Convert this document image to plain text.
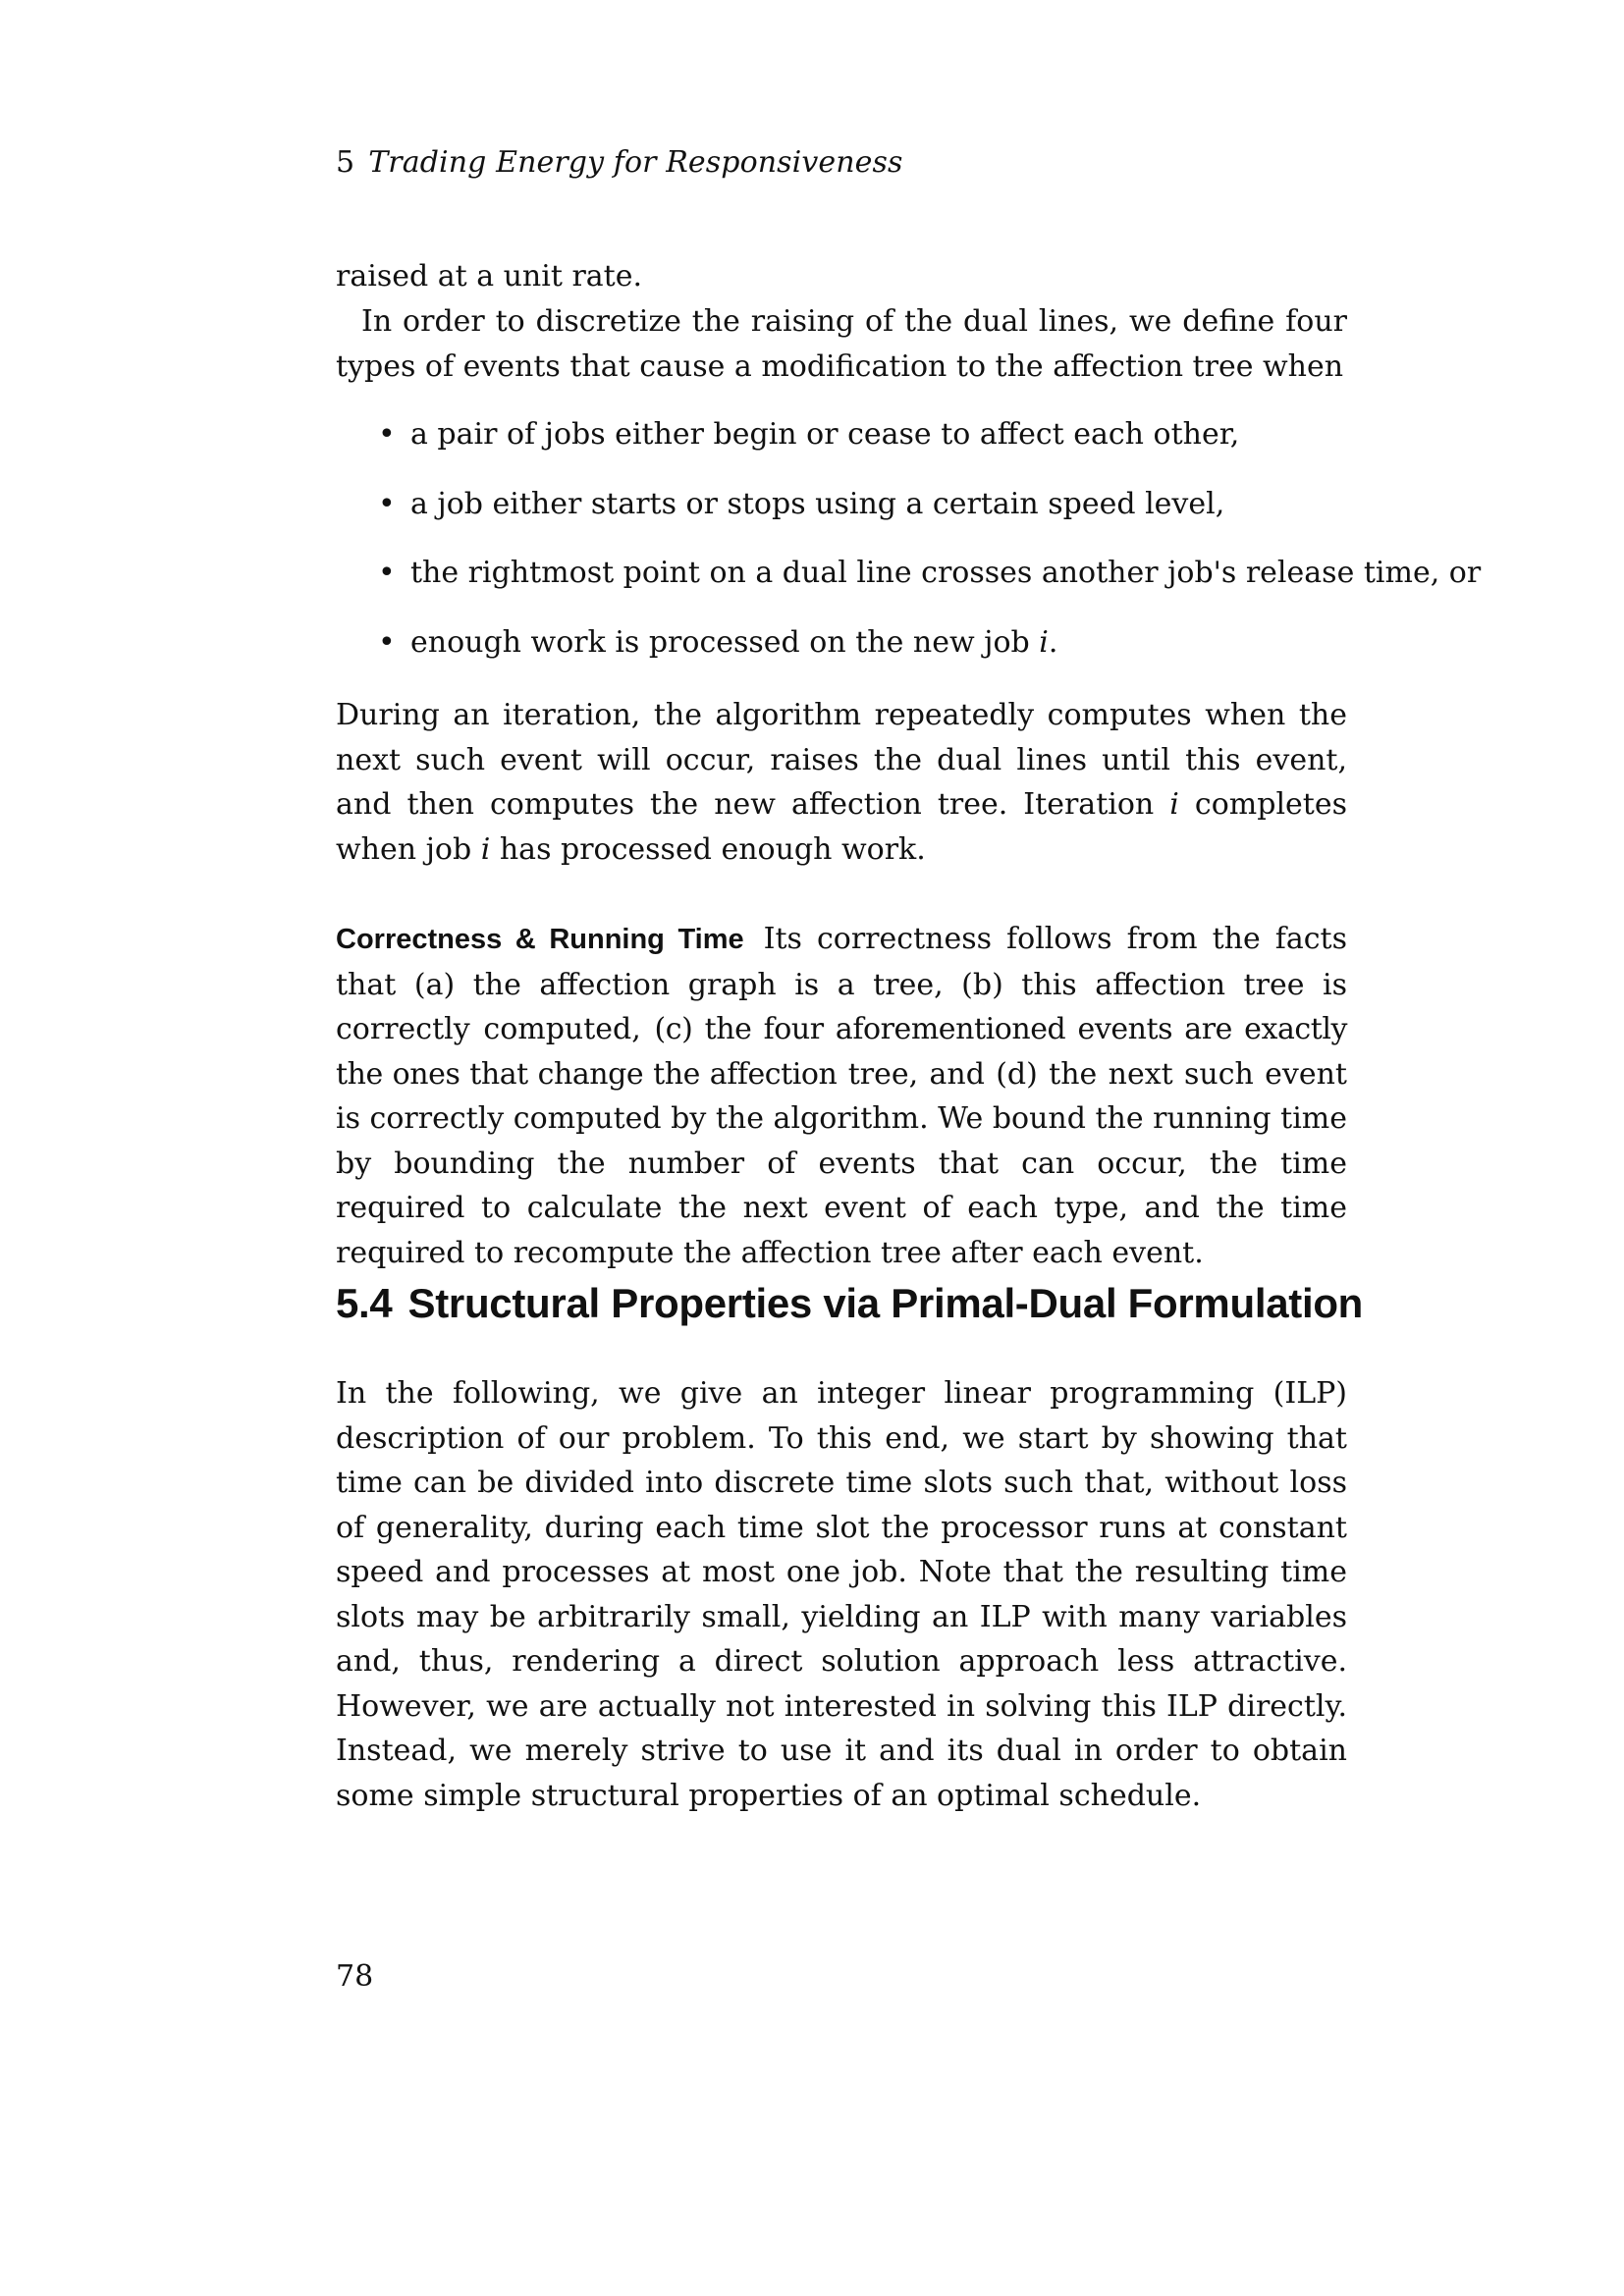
5 Trading Energy for Responsiveness
raised at a unit rate.
In order to discretize the raising of the dual lines, we define four types of events that cause a modification to the affection tree when
• a pair of jobs either begin or cease to affect each other,
• a job either starts or stops using a certain speed level,
• the rightmost point on a dual line crosses another job's release time, or
• enough work is processed on the new job i.
During an iteration, the algorithm repeatedly computes when the next such event will occur, raises the dual lines until this event, and then computes the new affection tree. Iteration i completes when job i has processed enough work.
Correctness & Running Time Its correctness follows from the facts that (a) the affection graph is a tree, (b) this affection tree is correctly computed, (c) the four aforementioned events are exactly the ones that change the affection tree, and (d) the next such event is correctly computed by the algorithm. We bound the running time by bounding the number of events that can occur, the time required to calculate the next event of each type, and the time required to recompute the affection tree after each event.
5.4 Structural Properties via Primal-Dual Formulation
In the following, we give an integer linear programming (ILP) description of our problem. To this end, we start by showing that time can be divided into discrete time slots such that, without loss of generality, during each time slot the processor runs at constant speed and processes at most one job. Note that the resulting time slots may be arbitrarily small, yielding an ILP with many variables and, thus, rendering a direct solution approach less attractive. However, we are actually not interested in solving this ILP directly. Instead, we merely strive to use it and its dual in order to obtain some simple structural properties of an optimal schedule.
78
